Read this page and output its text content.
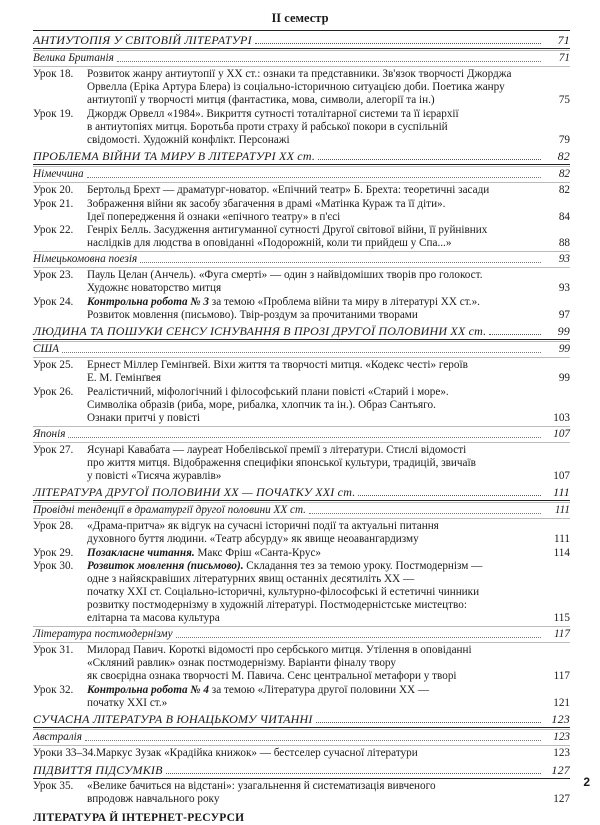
II семестр
АНТИУТОПІЯ У СВІТОВІЙ ЛІТЕРАТУРІ	71
Велика Британія	71
Урок 18.	Розвиток жанру антиутопії у XX ст.: ознаки та представники. Зв'язок творчості Джорджа
Орвелла (Еріка Артура Блера) із соціально-історичною ситуацією доби. Поетика жанру
антиутопії у творчості митця (фантастика, мова, символи, алегорії та ін.)	75
Урок 19.	Джордж Орвелл «1984». Викриття сутності тоталітарної системи та її ієрархії
в антиутопіях митця. Боротьба проти страху й рабської покори в суспільній
свідомості. Художній конфлікт. Персонажі	79
ПРОБЛЕМА ВІЙНИ ТА МИРУ В ЛІТЕРАТУРІ XX ст.	82
Німеччина	82
Урок 20.	Бертольд Брехт — драматург-новатор. «Епічний театр» Б. Брехта: теоретичні засади	82
Урок 21.	Зображення війни як засобу збагачення в драмі «Матінка Кураж та її діти».
Ідеї попередження й ознаки «епічного театру» в п'єсі	84
Урок 22.	Генріх Белль. Засудження антигуманної сутності Другої світової війни, її руйнівних
наслідків для людства в оповіданні «Подорожній, коли ти прийдеш у Спа...»	88
Німецькомовна поезія	93
Урок 23.	Пауль Целан (Анчель). «Фуга смерті» — один з найвідоміших творів про голокост.
Художнє новаторство митця	93
Урок 24.	Контрольна робота № 3 за темою «Проблема війни та миру в літературі XX ст.».
Розвиток мовлення (письмово). Твір-роздум за прочитаними творами	97
ЛЮДИНА ТА ПОШУКИ СЕНСУ ІСНУВАННЯ В ПРОЗІ ДРУГОЇ ПОЛОВИНИ XX ст.	99
США	99
Урок 25.	Ернест Міллер Гемінґвей. Віхи життя та творчості митця. «Кодекс честі» героїв
Е. М. Гемінґвея	99
Урок 26.	Реалістичний, міфологічний і філософський плани повісті «Старий і море».
Символіка образів (риба, море, рибалка, хлопчик та ін.). Образ Сантьяго.
Ознаки притчі у повісті	103
Японія	107
Урок 27.	Ясунарі Кавабата — лауреат Нобелівської премії з літератури. Стислі відомості
про життя митця. Відображення специфіки японської культури, традицій, звичаїв
у повісті «Тисяча журавлів»	107
ЛІТЕРАТУРА ДРУГОЇ ПОЛОВИНИ XX — ПОЧАТКУ XXI ст.	111
Провідні тенденції в драматургії другої половини XX ст.	111
Урок 28.	«Драма-притча» як відгук на сучасні історичні події та актуальні питання
духовного буття людини. «Театр абсурду» як явище неоавангардизму	111
Урок 29.	Позакласне читання. Макс Фріш «Санта-Крус»	114
Урок 30.	Розвиток мовлення (письмово). Складання тез за темою уроку. Постмодернізм —
одне з найяскравіших літературних явищ останніх десятиліть XX —
початку XXI ст. Соціально-історичні, культурно-філософські й естетичні чинники
розвитку постмодернізму в художній літературі. Постмодерністське мистецтво:
елітарна та масова культура	115
Література постмодернізму	117
Урок 31.	Милорад Павич. Короткі відомості про сербського митця. Утілення в оповіданні
«Скляний равлик» ознак постмодернізму. Варіанти фіналу твору
як своєрідна ознака творчості М. Павича. Сенс центральної метафори у творі	117
Урок 32.	Контрольна робота № 4 за темою «Література другої половини XX —
початку XXI ст.»	121
СУЧАСНА ЛІТЕРАТУРА В ЮНАЦЬКОМУ ЧИТАННІ	123
Австралія	123
Уроки 33–34. Маркус Зузак «Крадійка книжок» — бестселер сучасної літератури	123
ПІДВИТТЯ ПІДСУМКІВ	127
Урок 35.	«Велике бачиться на відстані»: узагальнення й систематизація вивченого
впродовж навчального року	127
ЛІТЕРАТУРА Й ІНТЕРНЕТ-РЕСУРСИ
2
